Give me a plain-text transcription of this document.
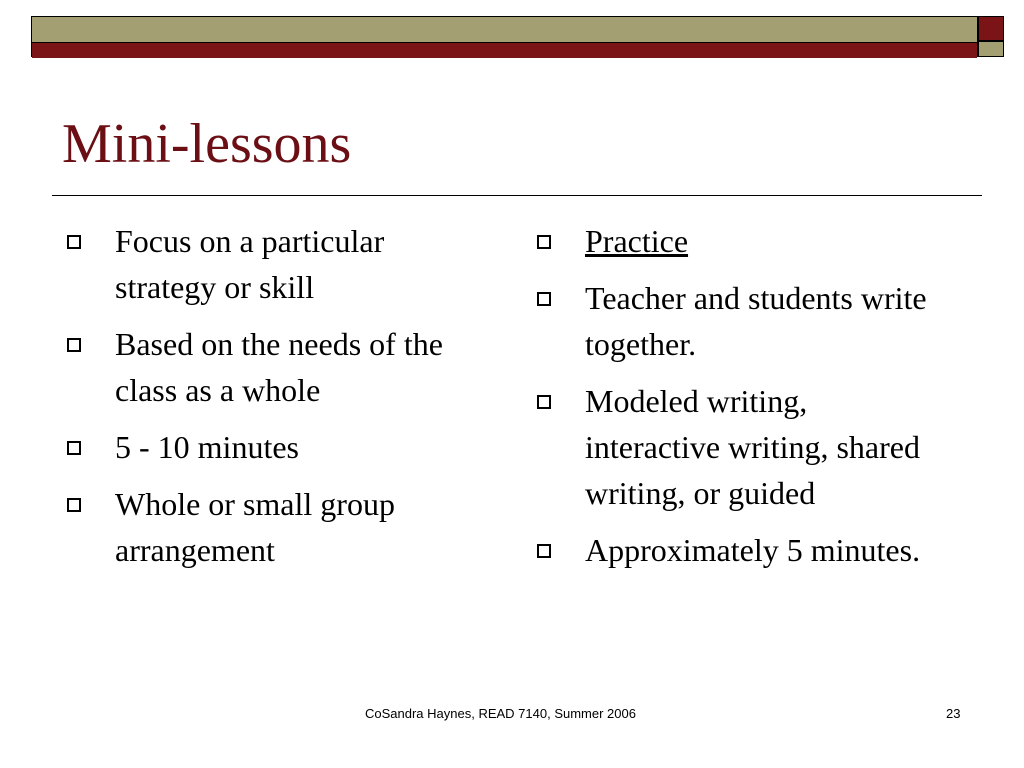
Mini-lessons
Focus on a particular strategy or skill
Based on the needs of the class as a whole
5 - 10 minutes
Whole or small group arrangement
Practice
Teacher and students write together.
Modeled writing, interactive writing, shared writing, or guided
Approximately 5 minutes.
CoSandra Haynes, READ 7140, Summer 2006	23
